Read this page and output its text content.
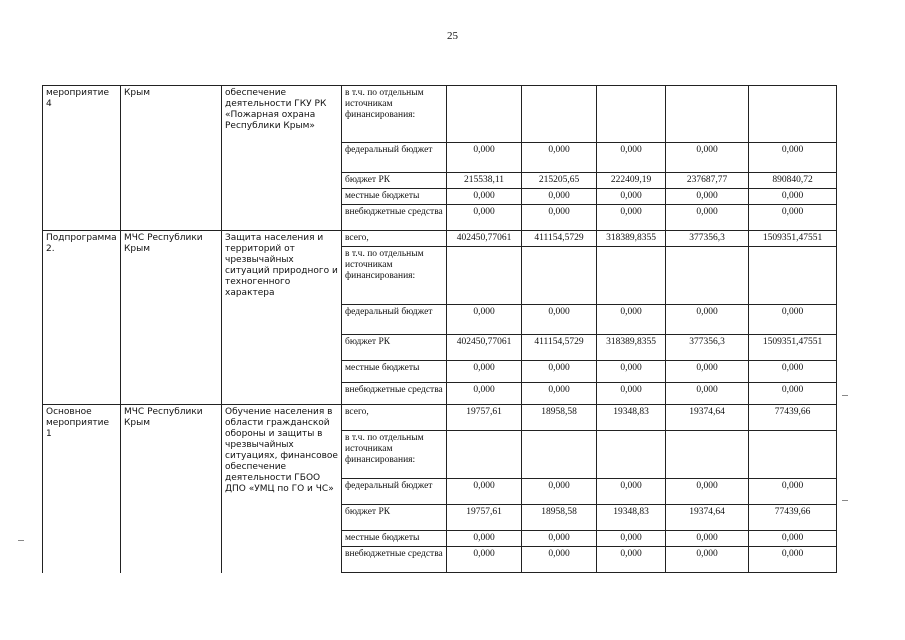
25
мероприятие 4	Крым	обеспечение деятельности ГКУ РК «Пожарная охрана Республики Крым»	в т.ч. по отдельным источникам финансирования:					
			федеральный бюджет	0,000	0,000	0,000	0,000	0,000
			бюджет РК	215538,11	215205,65	222409,19	237687,77	890840,72
			местные бюджеты	0,000	0,000	0,000	0,000	0,000
			внебюджетные средства	0,000	0,000	0,000	0,000	0,000
Подпрограмма 2.	МЧС Республики Крым	Защита населения и территорий от чрезвычайных ситуаций природного и техногенного характера	всего,	402450,77061	411154,5729	318389,8355	377356,3	1509351,47551
			в т.ч. по отдельным источникам финансирования:					
			федеральный бюджет	0,000	0,000	0,000	0,000	0,000
			бюджет РК	402450,77061	411154,5729	318389,8355	377356,3	1509351,47551
			местные бюджеты	0,000	0,000	0,000	0,000	0,000
			внебюджетные средства	0,000	0,000	0,000	0,000	0,000
Основное мероприятие 1	МЧС Республики Крым	Обучение населения в области гражданской обороны и защиты в чрезвычайных ситуациях, финансовое обеспечение деятельности ГБОО ДПО «УМЦ по ГО и ЧС»	всего,	19757,61	18958,58	19348,83	19374,64	77439,66
			в т.ч. по отдельным источникам финансирования:					
			федеральный бюджет	0,000	0,000	0,000	0,000	0,000
			бюджет РК	19757,61	18958,58	19348,83	19374,64	77439,66
			местные бюджеты	0,000	0,000	0,000	0,000	0,000
			внебюджетные средства	0,000	0,000	0,000	0,000	0,000
